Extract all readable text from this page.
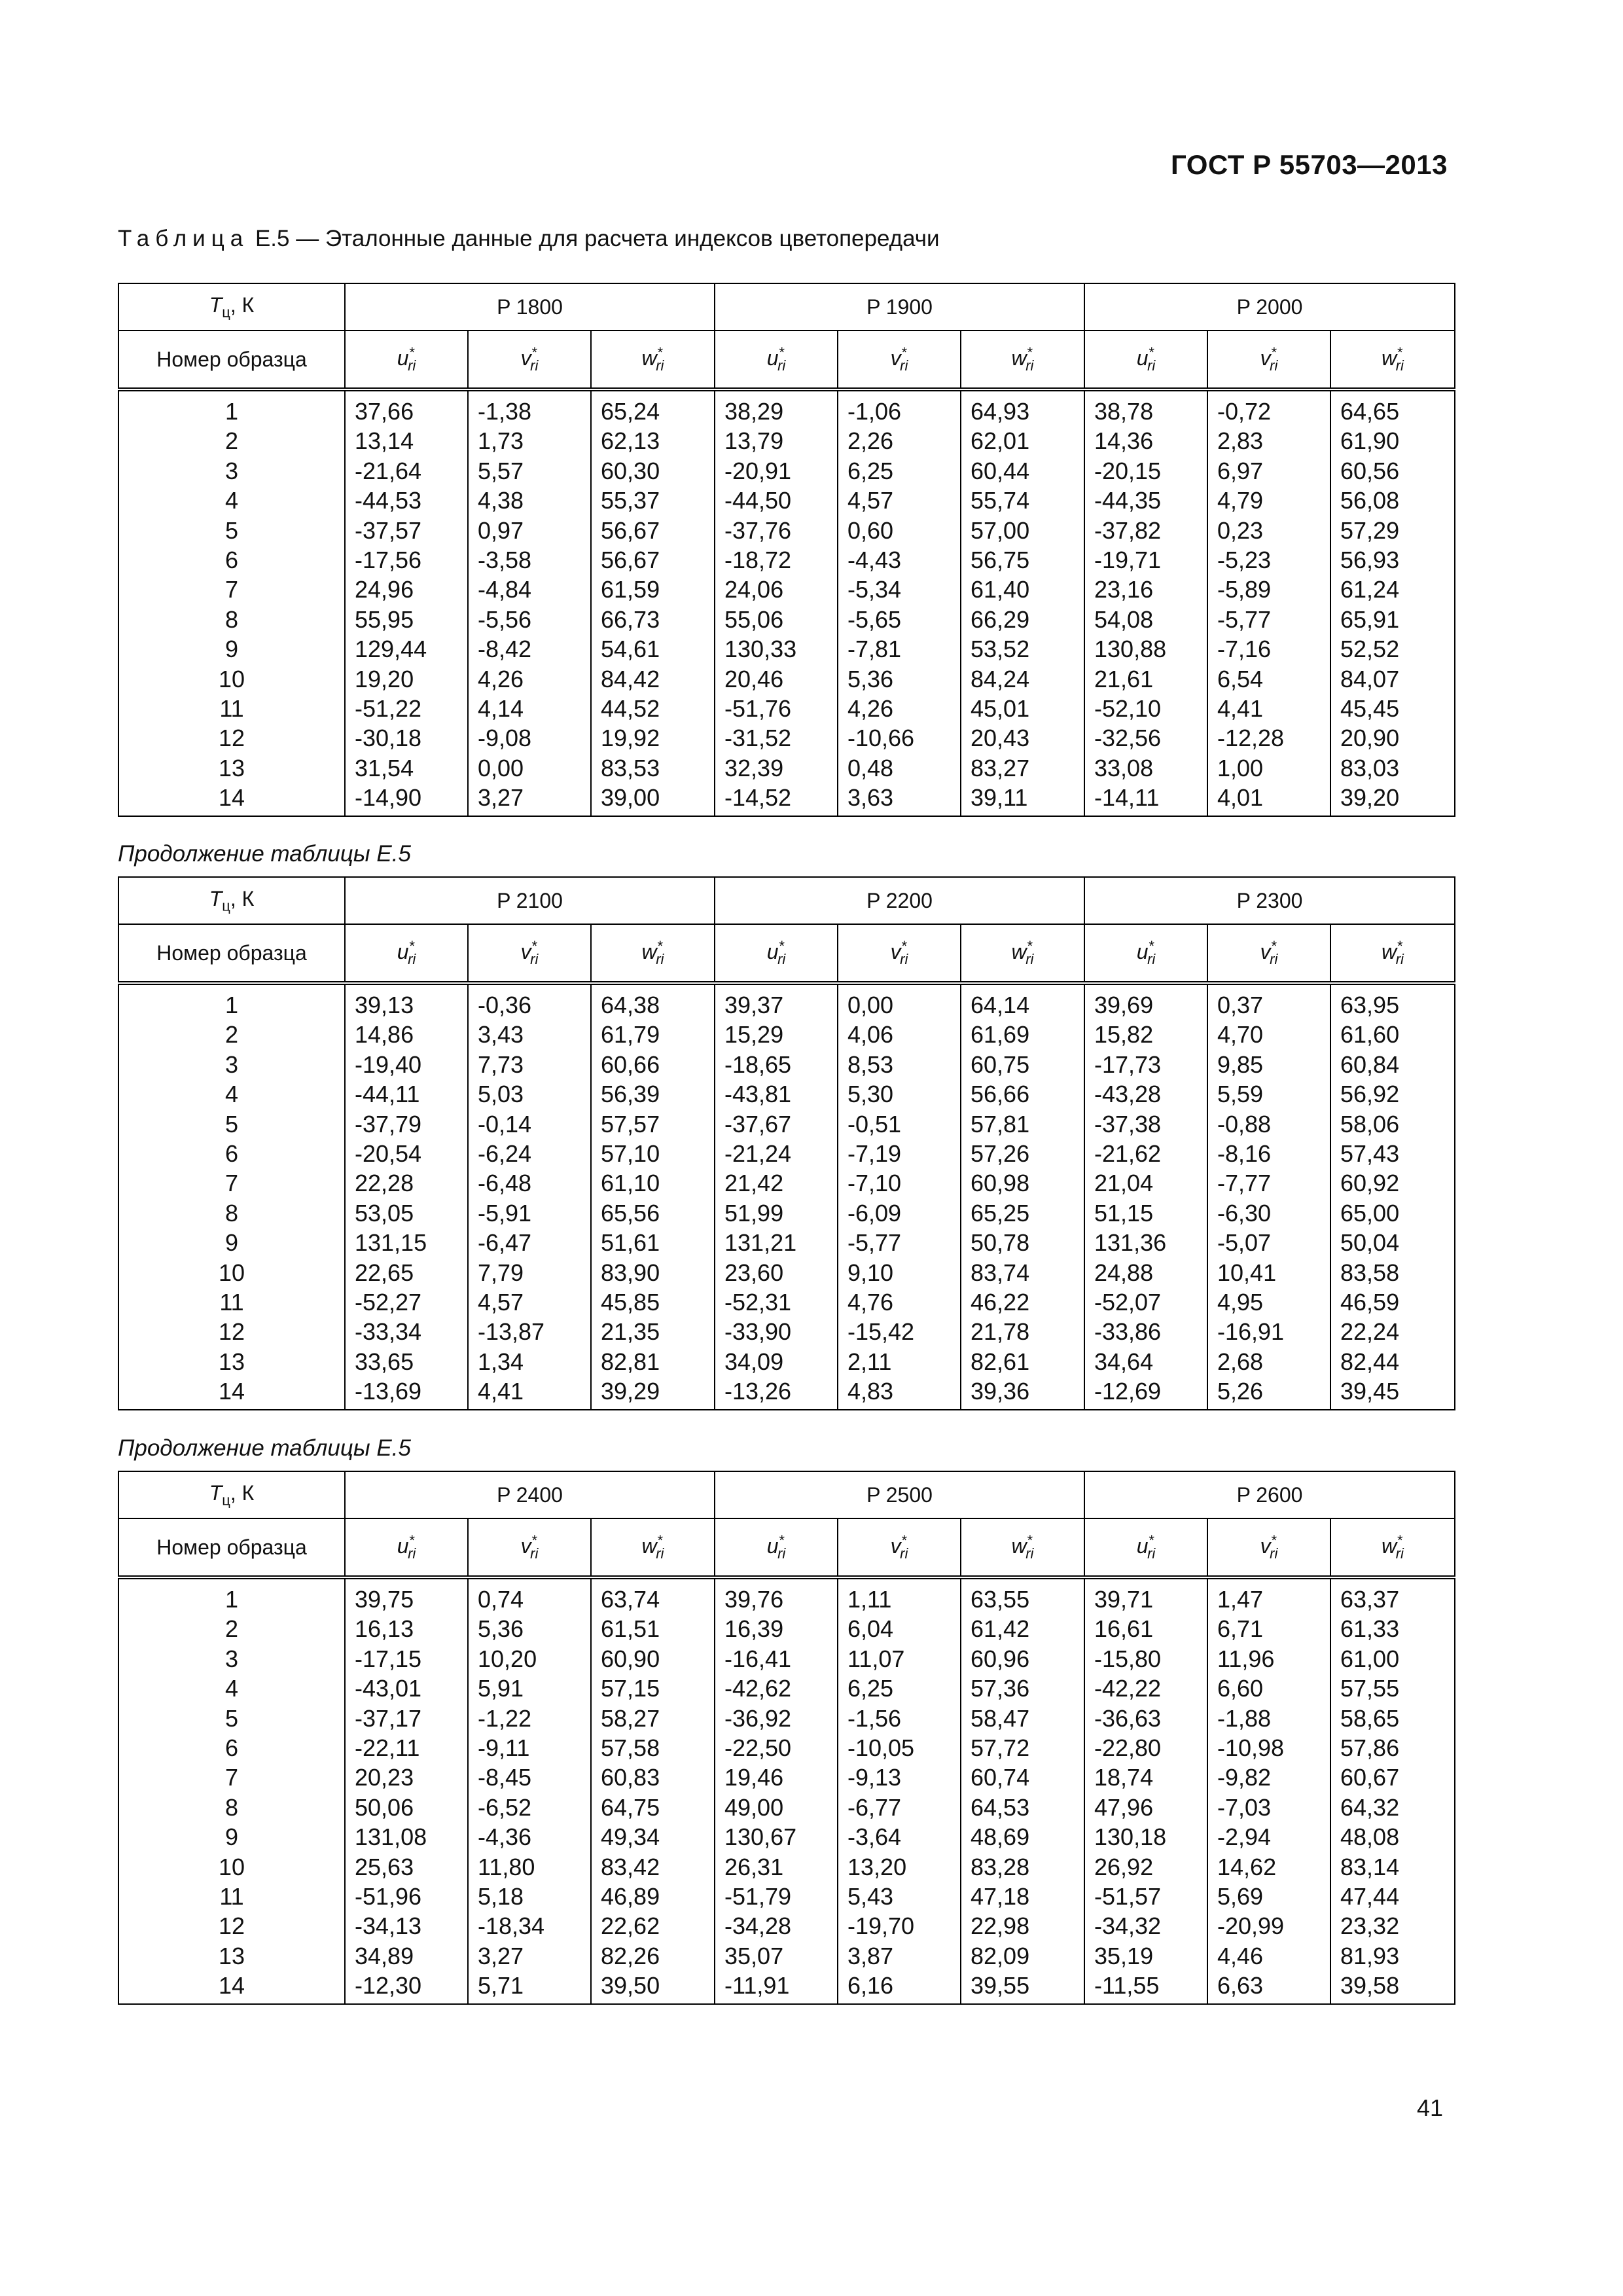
ГОСТ Р 55703—2013
Таблица Е.5 — Эталонные данные для расчета индексов цветопередачи
$T_ц$, К	P 1800			P 1900			P 2000		
Номер образца	$u^*_{ri}$	$v^*_{ri}$	$w^*_{ri}$	$u^*_{ri}$	$v^*_{ri}$	$w^*_{ri}$	$u^*_{ri}$	$v^*_{ri}$	$w^*_{ri}$
1	37,66	-1,38	65,24	38,29	-1,06	64,93	38,78	-0,72	64,65
2	13,14	1,73	62,13	13,79	2,26	62,01	14,36	2,83	61,90
3	-21,64	5,57	60,30	-20,91	6,25	60,44	-20,15	6,97	60,56
4	-44,53	4,38	55,37	-44,50	4,57	55,74	-44,35	4,79	56,08
5	-37,57	0,97	56,67	-37,76	0,60	57,00	-37,82	0,23	57,29
6	-17,56	-3,58	56,67	-18,72	-4,43	56,75	-19,71	-5,23	56,93
7	24,96	-4,84	61,59	24,06	-5,34	61,40	23,16	-5,89	61,24
8	55,95	-5,56	66,73	55,06	-5,65	66,29	54,08	-5,77	65,91
9	129,44	-8,42	54,61	130,33	-7,81	53,52	130,88	-7,16	52,52
10	19,20	4,26	84,42	20,46	5,36	84,24	21,61	6,54	84,07
11	-51,22	4,14	44,52	-51,76	4,26	45,01	-52,10	4,41	45,45
12	-30,18	-9,08	19,92	-31,52	-10,66	20,43	-32,56	-12,28	20,90
13	31,54	0,00	83,53	32,39	0,48	83,27	33,08	1,00	83,03
14	-14,90	3,27	39,00	-14,52	3,63	39,11	-14,11	4,01	39,20
Продолжение таблицы Е.5
$T_ц$, К	P 2100			P 2200			P 2300		
Номер образца	$u^*_{ri}$	$v^*_{ri}$	$w^*_{ri}$	$u^*_{ri}$	$v^*_{ri}$	$w^*_{ri}$	$u^*_{ri}$	$v^*_{ri}$	$w^*_{ri}$
1	39,13	-0,36	64,38	39,37	0,00	64,14	39,69	0,37	63,95
2	14,86	3,43	61,79	15,29	4,06	61,69	15,82	4,70	61,60
3	-19,40	7,73	60,66	-18,65	8,53	60,75	-17,73	9,85	60,84
4	-44,11	5,03	56,39	-43,81	5,30	56,66	-43,28	5,59	56,92
5	-37,79	-0,14	57,57	-37,67	-0,51	57,81	-37,38	-0,88	58,06
6	-20,54	-6,24	57,10	-21,24	-7,19	57,26	-21,62	-8,16	57,43
7	22,28	-6,48	61,10	21,42	-7,10	60,98	21,04	-7,77	60,92
8	53,05	-5,91	65,56	51,99	-6,09	65,25	51,15	-6,30	65,00
9	131,15	-6,47	51,61	131,21	-5,77	50,78	131,36	-5,07	50,04
10	22,65	7,79	83,90	23,60	9,10	83,74	24,88	10,41	83,58
11	-52,27	4,57	45,85	-52,31	4,76	46,22	-52,07	4,95	46,59
12	-33,34	-13,87	21,35	-33,90	-15,42	21,78	-33,86	-16,91	22,24
13	33,65	1,34	82,81	34,09	2,11	82,61	34,64	2,68	82,44
14	-13,69	4,41	39,29	-13,26	4,83	39,36	-12,69	5,26	39,45
Продолжение таблицы Е.5
$T_ц$, К	P 2400			P 2500			P 2600		
Номер образца	$u^*_{ri}$	$v^*_{ri}$	$w^*_{ri}$	$u^*_{ri}$	$v^*_{ri}$	$w^*_{ri}$	$u^*_{ri}$	$v^*_{ri}$	$w^*_{ri}$
1	39,75	0,74	63,74	39,76	1,11	63,55	39,71	1,47	63,37
2	16,13	5,36	61,51	16,39	6,04	61,42	16,61	6,71	61,33
3	-17,15	10,20	60,90	-16,41	11,07	60,96	-15,80	11,96	61,00
4	-43,01	5,91	57,15	-42,62	6,25	57,36	-42,22	6,60	57,55
5	-37,17	-1,22	58,27	-36,92	-1,56	58,47	-36,63	-1,88	58,65
6	-22,11	-9,11	57,58	-22,50	-10,05	57,72	-22,80	-10,98	57,86
7	20,23	-8,45	60,83	19,46	-9,13	60,74	18,74	-9,82	60,67
8	50,06	-6,52	64,75	49,00	-6,77	64,53	47,96	-7,03	64,32
9	131,08	-4,36	49,34	130,67	-3,64	48,69	130,18	-2,94	48,08
10	25,63	11,80	83,42	26,31	13,20	83,28	26,92	14,62	83,14
11	-51,96	5,18	46,89	-51,79	5,43	47,18	-51,57	5,69	47,44
12	-34,13	-18,34	22,62	-34,28	-19,70	22,98	-34,32	-20,99	23,32
13	34,89	3,27	82,26	35,07	3,87	82,09	35,19	4,46	81,93
14	-12,30	5,71	39,50	-11,91	6,16	39,55	-11,55	6,63	39,58
41
